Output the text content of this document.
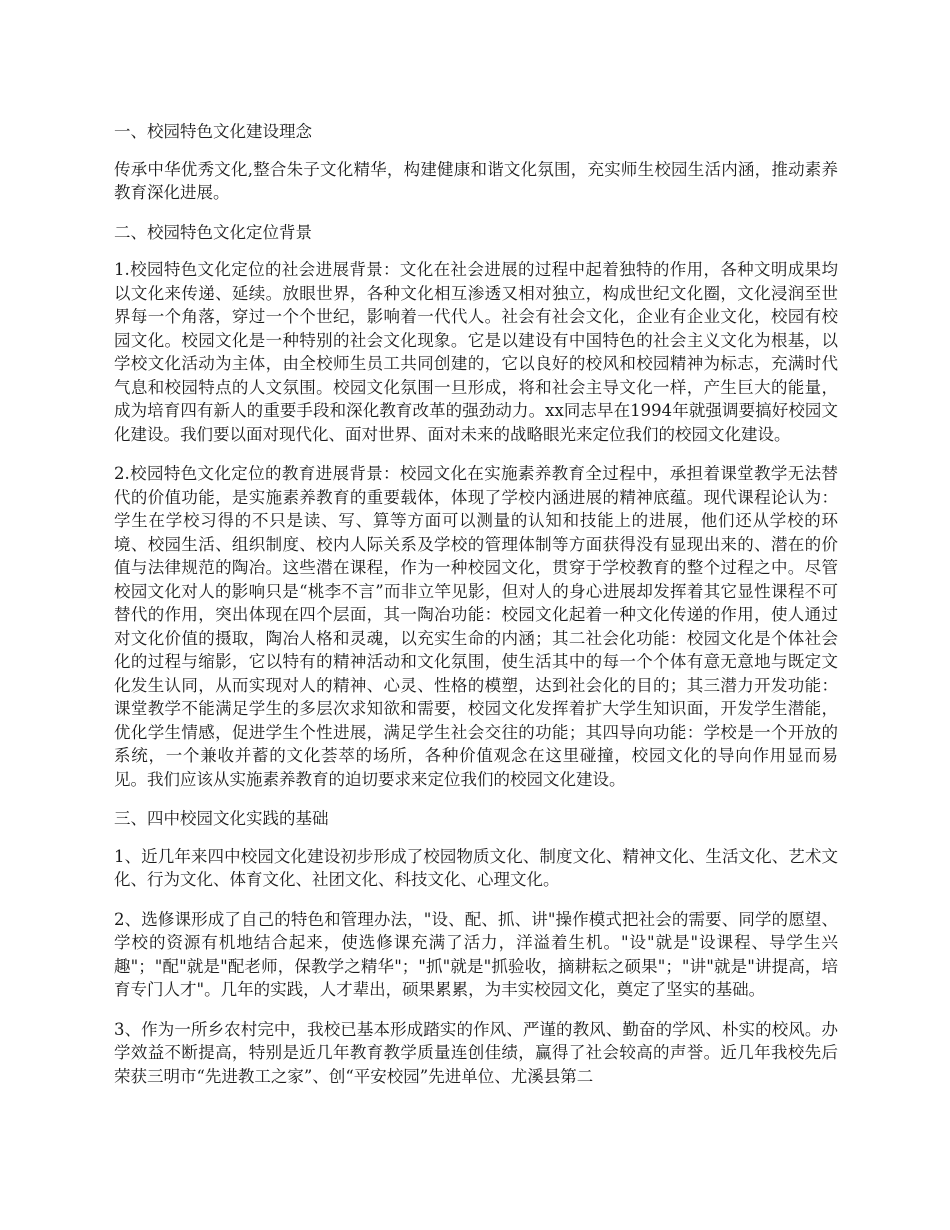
一、校园特色文化建设理念

传承中华优秀文化,整合朱子文化精华，构建健康和谐文化氛围，充实师生校园生活内涵，推动素养教育深化进展。

二、校园特色文化定位背景

1.校园特色文化定位的社会进展背景：文化在社会进展的过程中起着独特的作用，各种文明成果均以文化来传递、延续。放眼世界，各种文化相互渗透又相对独立，构成世纪文化圈，文化浸润至世界每一个角落，穿过一个个世纪，影响着一代代人。社会有社会文化，企业有企业文化，校园有校园文化。校园文化是一种特别的社会文化现象。它是以建设有中国特色的社会主义文化为根基，以学校文化活动为主体，由全校师生员工共同创建的，它以良好的校风和校园精神为标志，充满时代气息和校园特点的人文氛围。校园文化氛围一旦形成，将和社会主导文化一样，产生巨大的能量，成为培育四有新人的重要手段和深化教育改革的强劲动力。xx同志早在1994年就强调要搞好校园文化建设。我们要以面对现代化、面对世界、面对未来的战略眼光来定位我们的校园文化建设。

2.校园特色文化定位的教育进展背景：校园文化在实施素养教育全过程中，承担着课堂教学无法替代的价值功能，是实施素养教育的重要载体，体现了学校内涵进展的精神底蕴。现代课程论认为：学生在学校习得的不只是读、写、算等方面可以测量的认知和技能上的进展，他们还从学校的环境、校园生活、组织制度、校内人际关系及学校的管理体制等方面获得没有显现出来的、潜在的价值与法律规范的陶冶。这些潜在课程，作为一种校园文化，贯穿于学校教育的整个过程之中。尽管校园文化对人的影响只是“桃李不言”而非立竿见影，但对人的身心进展却发挥着其它显性课程不可替代的作用，突出体现在四个层面，其一陶冶功能：校园文化起着一种文化传递的作用，使人通过对文化价值的摄取，陶冶人格和灵魂，以充实生命的内涵；其二社会化功能：校园文化是个体社会化的过程与缩影，它以特有的精神活动和文化氛围，使生活其中的每一个个体有意无意地与既定文化发生认同，从而实现对人的精神、心灵、性格的模塑，达到社会化的目的；其三潜力开发功能：课堂教学不能满足学生的多层次求知欲和需要，校园文化发挥着扩大学生知识面，开发学生潜能，优化学生情感，促进学生个性进展，满足学生社会交往的功能；其四导向功能：学校是一个开放的系统，一个兼收并蓄的文化荟萃的场所，各种价值观念在这里碰撞，校园文化的导向作用显而易见。我们应该从实施素养教育的迫切要求来定位我们的校园文化建设。

三、四中校园文化实践的基础

1、近几年来四中校园文化建设初步形成了校园物质文化、制度文化、精神文化、生活文化、艺术文化、行为文化、体育文化、社团文化、科技文化、心理文化。

2、选修课形成了自己的特色和管理办法，"设、配、抓、讲"操作模式把社会的需要、同学的愿望、学校的资源有机地结合起来，使选修课充满了活力，洋溢着生机。"设"就是"设课程、导学生兴趣"；"配"就是"配老师，保教学之精华"；"抓"就是"抓验收，摘耕耘之硕果"；"讲"就是"讲提高，培育专门人才"。几年的实践，人才辈出，硕果累累，为丰实校园文化，奠定了坚实的基础。

3、作为一所乡农村完中，我校已基本形成踏实的作风、严谨的教风、勤奋的学风、朴实的校风。办学效益不断提高，特别是近几年教育教学质量连创佳绩，赢得了社会较高的声誉。近几年我校先后荣获三明市“先进教工之家”、创“平安校园”先进单位、尤溪县第二
